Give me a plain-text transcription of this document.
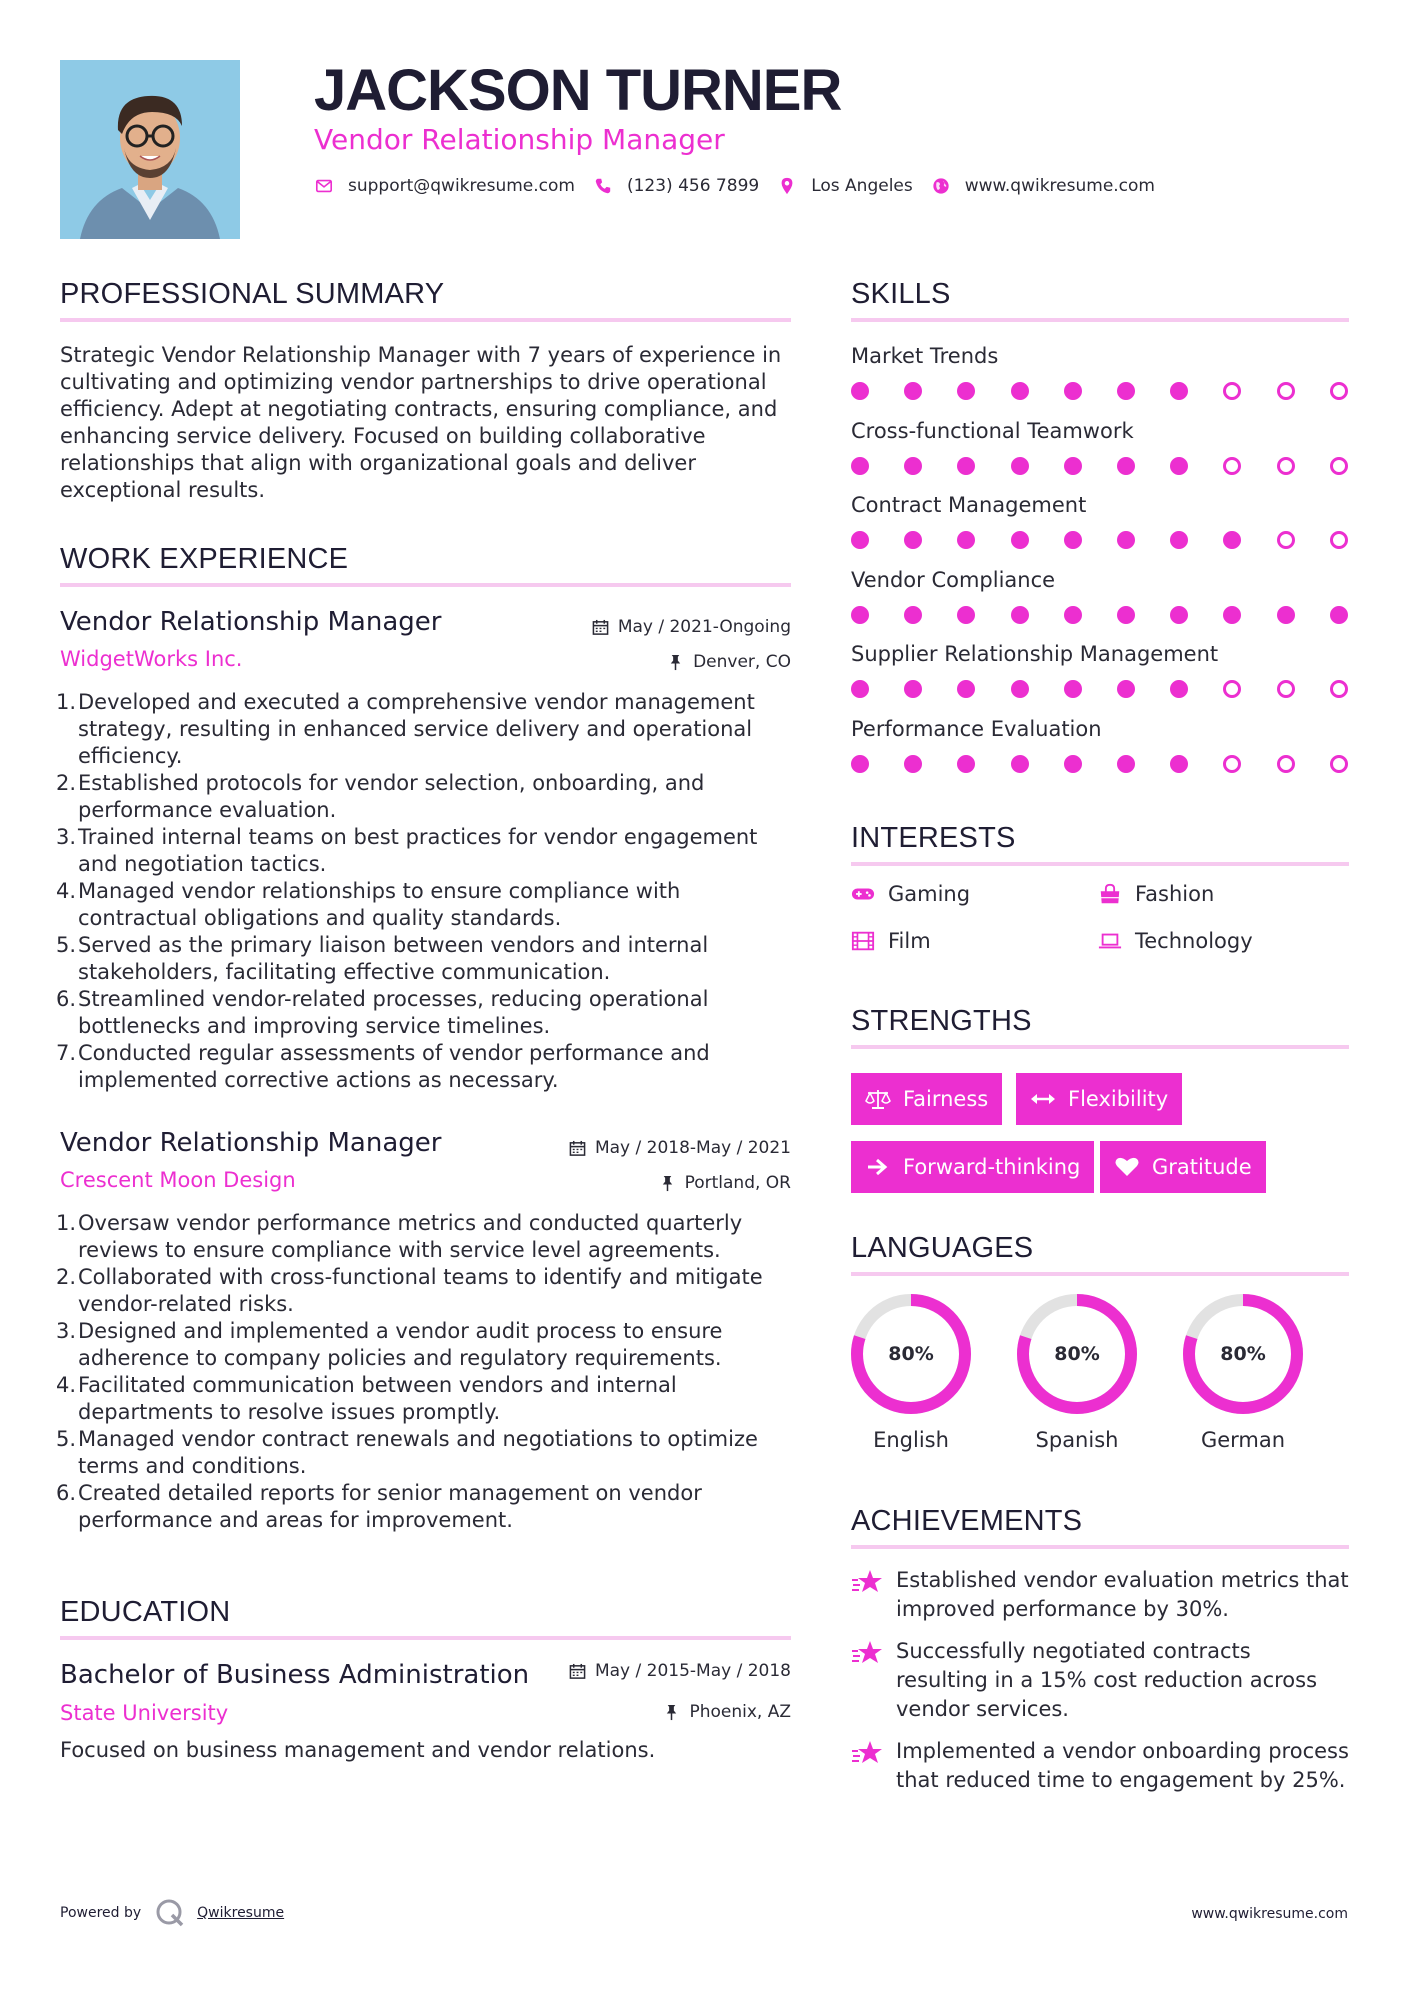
JACKSON TURNER
Vendor Relationship Manager
support@qwikresume.com	(123) 456 7899	Los Angeles	www.qwikresume.com
PROFESSIONAL SUMMARY
Strategic Vendor Relationship Manager with 7 years of experience in cultivating and optimizing vendor partnerships to drive operational efficiency. Adept at negotiating contracts, ensuring compliance, and enhancing service delivery. Focused on building collaborative relationships that align with organizational goals and deliver exceptional results.
WORK EXPERIENCE
Vendor Relationship Manager	May / 2021-Ongoing
WidgetWorks Inc.	Denver, CO
Developed and executed a comprehensive vendor management strategy, resulting in enhanced service delivery and operational efficiency.
Established protocols for vendor selection, onboarding, and performance evaluation.
Trained internal teams on best practices for vendor engagement and negotiation tactics.
Managed vendor relationships to ensure compliance with contractual obligations and quality standards.
Served as the primary liaison between vendors and internal stakeholders, facilitating effective communication.
Streamlined vendor-related processes, reducing operational bottlenecks and improving service timelines.
Conducted regular assessments of vendor performance and implemented corrective actions as necessary.
Vendor Relationship Manager	May / 2018-May / 2021
Crescent Moon Design	Portland, OR
Oversaw vendor performance metrics and conducted quarterly reviews to ensure compliance with service level agreements.
Collaborated with cross-functional teams to identify and mitigate vendor-related risks.
Designed and implemented a vendor audit process to ensure adherence to company policies and regulatory requirements.
Facilitated communication between vendors and internal departments to resolve issues promptly.
Managed vendor contract renewals and negotiations to optimize terms and conditions.
Created detailed reports for senior management on vendor performance and areas for improvement.
EDUCATION
Bachelor of Business Administration	May / 2015-May / 2018
State University	Phoenix, AZ
Focused on business management and vendor relations.
SKILLS
Market Trends
Cross-functional Teamwork
Contract Management
Vendor Compliance
Supplier Relationship Management
Performance Evaluation
INTERESTS
Gaming	Fashion
Film	Technology
STRENGTHS
Fairness	Flexibility
Forward-thinking	Gratitude
LANGUAGES
80%
English
80%
Spanish
80%
German
ACHIEVEMENTS
Established vendor evaluation metrics that improved performance by 30%.
Successfully negotiated contracts resulting in a 15% cost reduction across vendor services.
Implemented a vendor onboarding process that reduced time to engagement by 25%.
Powered by	Qwikresume	www.qwikresume.com
